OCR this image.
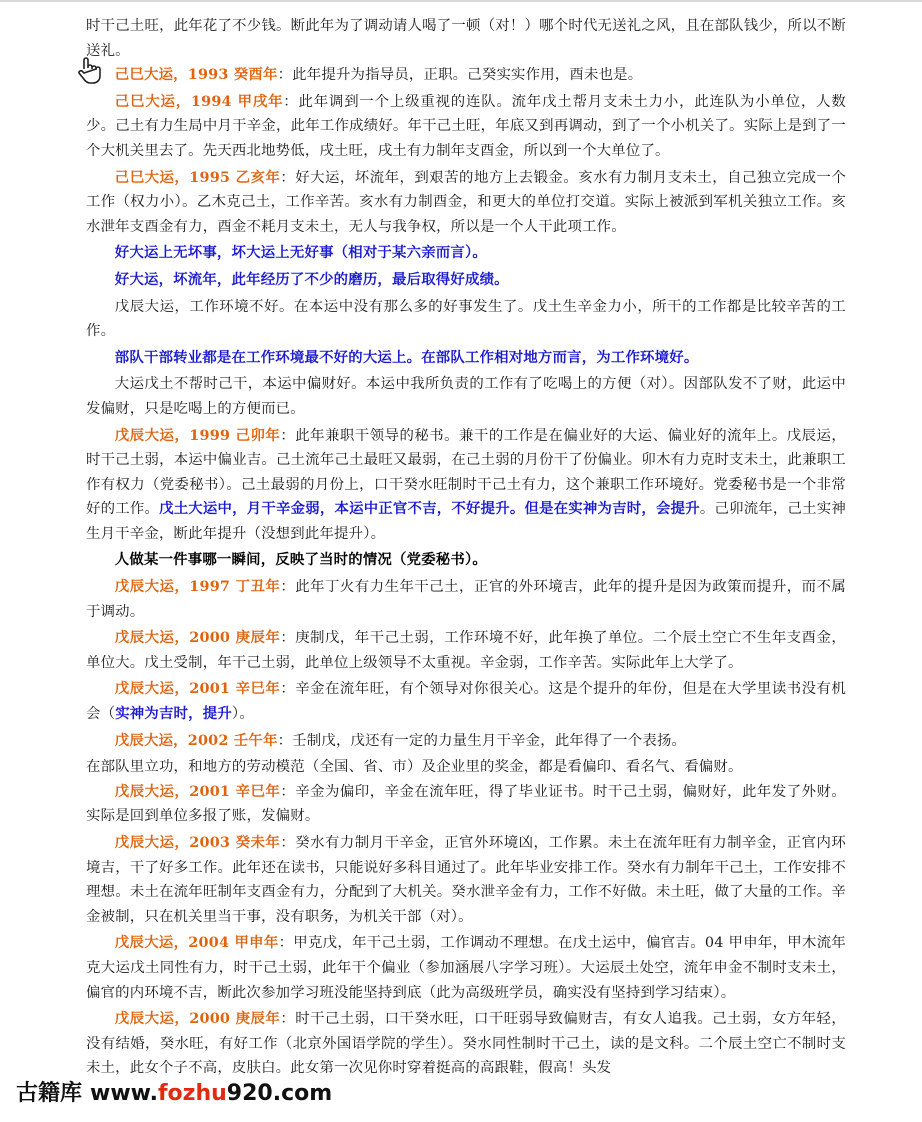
时干己土旺，此年花了不少钱。断此年为了调动请人喝了一顿（对！）哪个时代无送礼之风，且在部队钱少，所以不断送礼。

己巳大运，1993 癸酉年：此年提升为指导员，正职。己癸实实作用，酉未也是。

己巳大运，1994 甲戌年：此年调到一个上级重视的连队。流年戊土帮月支未土力小，此连队为小单位，人数少。己土有力生局中月干辛金，此年工作成绩好。年干己土旺，年底又到再调动，到了一个小机关了。实际上是到了一个大机关里去了。先天西北地势低，戌土旺，戌土有力制年支酉金，所以到一个大单位了。

己巳大运，1995 乙亥年：好大运，坏流年，到艰苦的地方上去锻金。亥水有力制月支未土，自己独立完成一个工作（权力小）。乙木克己土，工作辛苦。亥水有力制酉金，和更大的单位打交道。实际上被派到军机关独立工作。亥水泄年支酉金有力，酉金不耗月支未土，无人与我争权，所以是一个人干此项工作。

好大运上无坏事，坏大运上无好事（相对于某六亲而言）。

好大运，坏流年，此年经历了不少的磨历，最后取得好成绩。

戊辰大运，工作环境不好。在本运中没有那么多的好事发生了。戊土生辛金力小，所干的工作都是比较辛苦的工作。

部队干部转业都是在工作环境最不好的大运上。在部队工作相对地方而言，为工作环境好。

大运戊土不帮时己干，本运中偏财好。本运中我所负责的工作有了吃喝上的方便（对）。因部队发不了财，此运中发偏财，只是吃喝上的方便而已。

戊辰大运，1999 己卯年：此年兼职干领导的秘书。兼干的工作是在偏业好的大运、偏业好的流年上。戊辰运，时干己土弱，本运中偏业吉。己土流年己土最旺又最弱，在己土弱的月份干了份偏业。卯木有力克时支未土，此兼职工作有权力（党委秘书）。己土最弱的月份上，口干癸水旺制时干己土有力，这个兼职工作环境好。党委秘书是一个非常好的工作。戊土大运中，月干辛金弱，本运中正官不吉，不好提升。但是在实神为吉时，会提升。己卯流年，己土实神生月干辛金，断此年提升（没想到此年提升）。

人做某一件事哪一瞬间，反映了当时的情况（党委秘书）。

戊辰大运，1997 丁丑年：此年丁火有力生年干己土，正官的外环境吉，此年的提升是因为政策而提升，而不属于调动。

戊辰大运，2000 庚辰年：庚制戊，年干己土弱，工作环境不好，此年换了单位。二个辰土空亡不生年支酉金，单位大。戊土受制，年干己土弱，此单位上级领导不太重视。辛金弱，工作辛苦。实际此年上大学了。

戊辰大运，2001 辛巳年：辛金在流年旺，有个领导对你很关心。这是个提升的年份，但是在大学里读书没有机会（实神为吉时，提升）。

戊辰大运，2002 壬午年：壬制戊，戊还有一定的力量生月干辛金，此年得了一个表扬。

在部队里立功，和地方的劳动模范（全国、省、市）及企业里的奖金，都是看偏印、看名气、看偏财。

戊辰大运，2001 辛巳年：辛金为偏印，辛金在流年旺，得了毕业证书。时干己土弱，偏财好，此年发了外财。实际是回到单位多报了账，发偏财。

戊辰大运，2003 癸未年：癸水有力制月干辛金，正官外环境凶，工作累。未土在流年旺有力制辛金，正官内环境吉，干了好多工作。此年还在读书，只能说好多科目通过了。此年毕业安排工作。癸水有力制年干己土，工作安排不理想。未土在流年旺制年支酉金有力，分配到了大机关。癸水泄辛金有力，工作不好做。未土旺，做了大量的工作。辛金被制，只在机关里当干事，没有职务，为机关干部（对）。

戊辰大运，2004 甲申年：甲克戊，年干己土弱，工作调动不理想。在戊土运中，偏官吉。04 甲申年，甲木流年克大运戊土同性有力，时干己土弱，此年干个偏业（参加涵展八字学习班）。大运辰土处空，流年申金不制时支未土，偏官的内环境不吉，断此次参加学习班没能坚持到底（此为高级班学员，确实没有坚持到学习结束）。

戊辰大运，2000 庚辰年：时干己土弱，口干癸水旺，口干旺弱导致偏财吉，有女人追我。己土弱，女方年轻，没有结婚，癸水旺，有好工作（北京外国语学院的学生）。癸水同性制时干己土，读的是文科。二个辰土空亡不制时支未土，此女个子不高，皮肤白。此女第一次见你时穿着挺高的高跟鞋，假高！头发

古籍库 www.fozhu920.com
